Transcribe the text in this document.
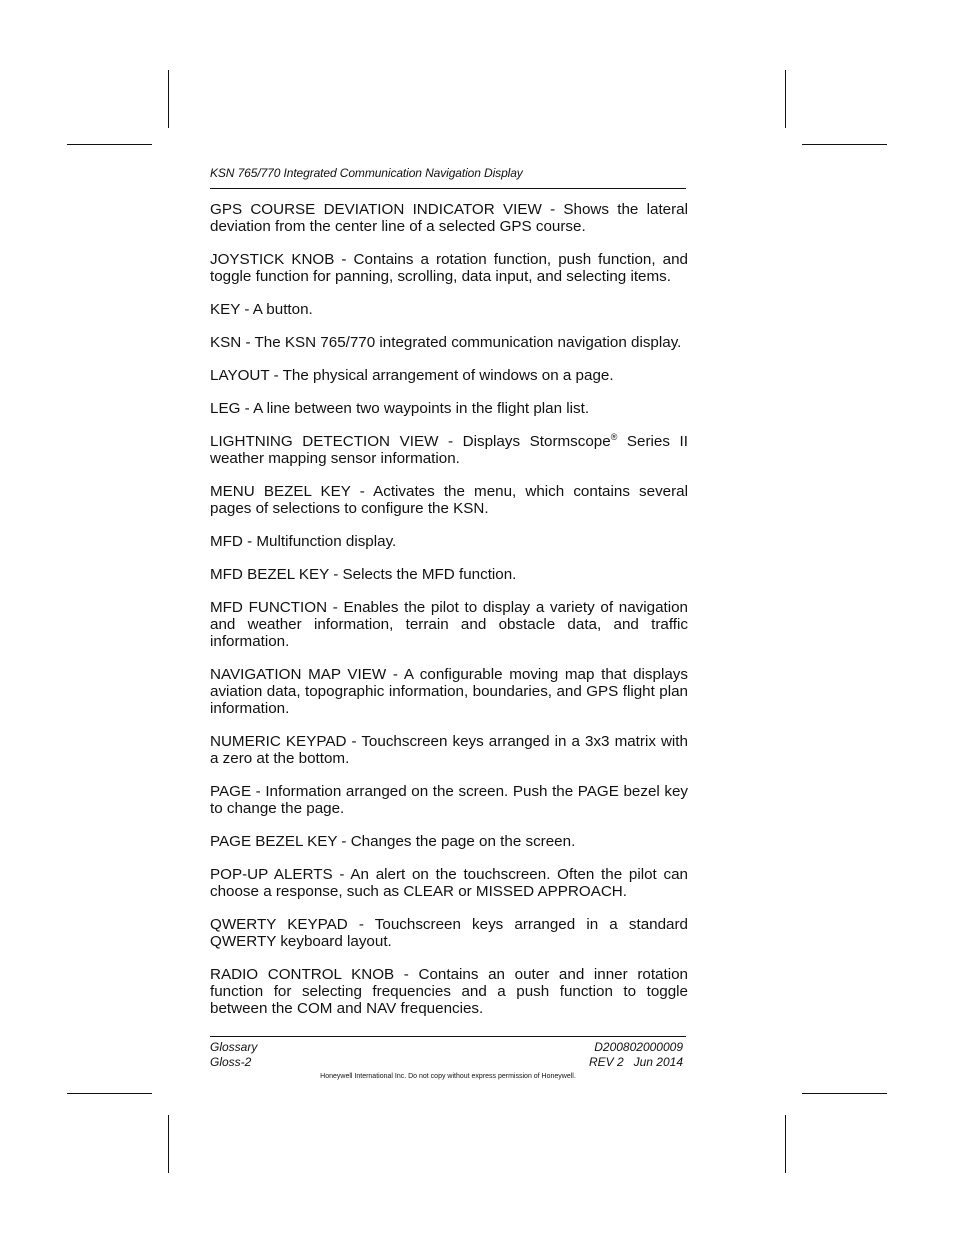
KSN 765/770 Integrated Communication Navigation Display

GPS COURSE DEVIATION INDICATOR VIEW - Shows the lateral deviation from the center line of a selected GPS course.

JOYSTICK KNOB - Contains a rotation function, push function, and toggle function for panning, scrolling, data input, and selecting items.

KEY - A button.

KSN - The KSN 765/770 integrated communication navigation display.

LAYOUT - The physical arrangement of windows on a page.

LEG - A line between two waypoints in the flight plan list.

LIGHTNING DETECTION VIEW - Displays Stormscope® Series II weather mapping sensor information.

MENU BEZEL KEY - Activates the menu, which contains several pages of selections to configure the KSN.

MFD - Multifunction display.

MFD BEZEL KEY - Selects the MFD function.

MFD FUNCTION - Enables the pilot to display a variety of navigation and weather information, terrain and obstacle data, and traffic information.

NAVIGATION MAP VIEW - A configurable moving map that displays aviation data, topographic information, boundaries, and GPS flight plan information.

NUMERIC KEYPAD - Touchscreen keys arranged in a 3x3 matrix with a zero at the bottom.

PAGE - Information arranged on the screen. Push the PAGE bezel key to change the page.

PAGE BEZEL KEY - Changes the page on the screen.

POP-UP ALERTS - An alert on the touchscreen. Often the pilot can choose a response, such as CLEAR or MISSED APPROACH.

QWERTY KEYPAD - Touchscreen keys arranged in a standard QWERTY keyboard layout.

RADIO CONTROL KNOB - Contains an outer and inner rotation function for selecting frequencies and a push function to toggle between the COM and NAV frequencies.

Glossary
Gloss-2
D200802000009
REV 2   Jun 2014
Honeywell International Inc. Do not copy without express permission of Honeywell.
